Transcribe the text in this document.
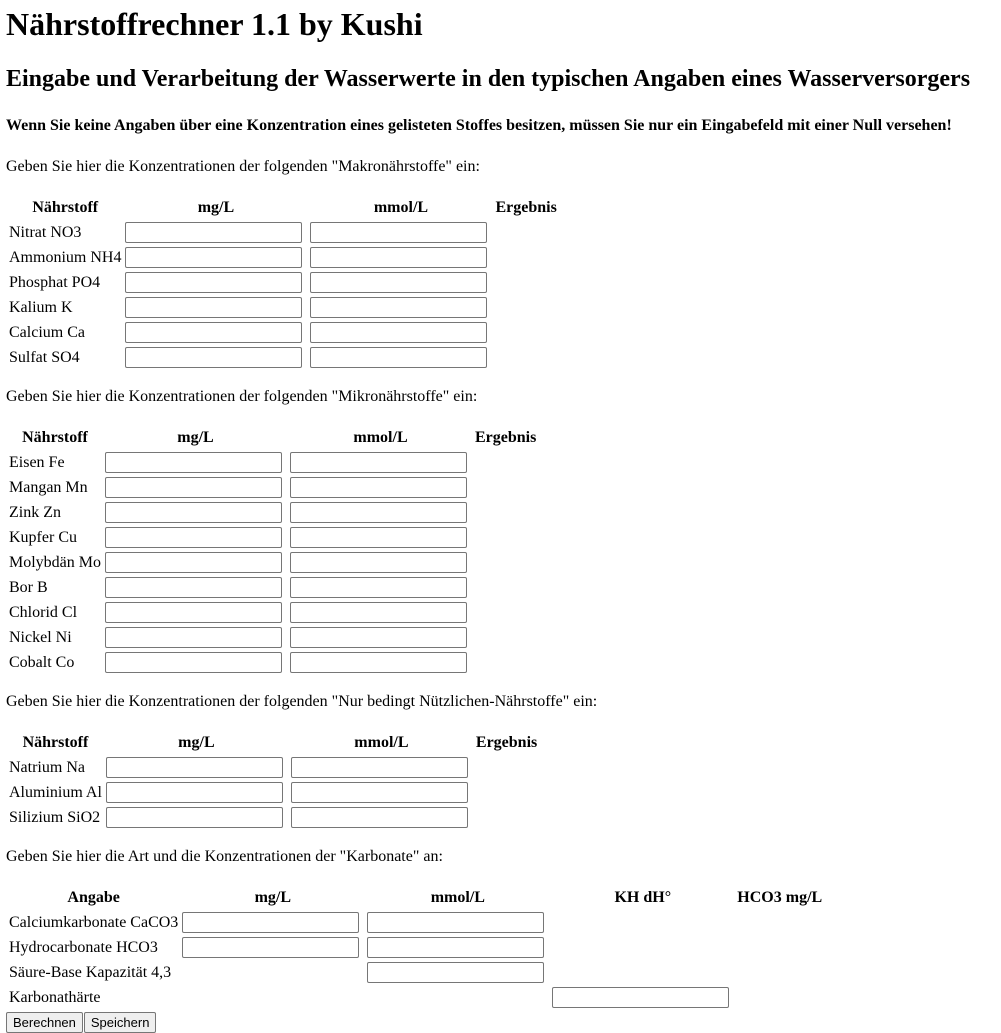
Nährstoffrechner 1.1 by Kushi
Eingabe und Verarbeitung der Wasserwerte in den typischen Angaben eines Wasserversorgers
Wenn Sie keine Angaben über eine Konzentration eines gelisteten Stoffes besitzen, müssen Sie nur ein Eingabefeld mit einer Null versehen!

Geben Sie hier die Konzentrationen der folgenden "Makronährstoffe" ein:

Nährstoff	mg/L	mmol/L	Ergebnis
Nitrat NO3	

Ammonium NH4	

Phosphat PO4	

Kalium K	

Calcium Ca	

Sulfat SO4	

Geben Sie hier die Konzentrationen der folgenden "Mikronährstoffe" ein:

Nährstoff	mg/L	mmol/L	Ergebnis
Eisen Fe	

Mangan Mn	

Zink Zn	

Kupfer Cu	

Molybdän Mo	

Bor B	

Chlorid Cl	

Nickel Ni	

Cobalt Co	

Geben Sie hier die Konzentrationen der folgenden "Nur bedingt Nützlichen-Nährstoffe" ein:

Nährstoff	mg/L	mmol/L	Ergebnis
Natrium Na	

Aluminium Al	

Silizium SiO2	

Geben Sie hier die Art und die Konzentrationen der "Karbonate" an:

Angabe	mg/L	mmol/L	KH dH°	HCO3 mg/L
Calciumkarbonate CaCO3	

Hydrocarbonate HCO3	

Säure-Base Kapazität 4,3		

Karbonathärte			

Berechnen Speichern
